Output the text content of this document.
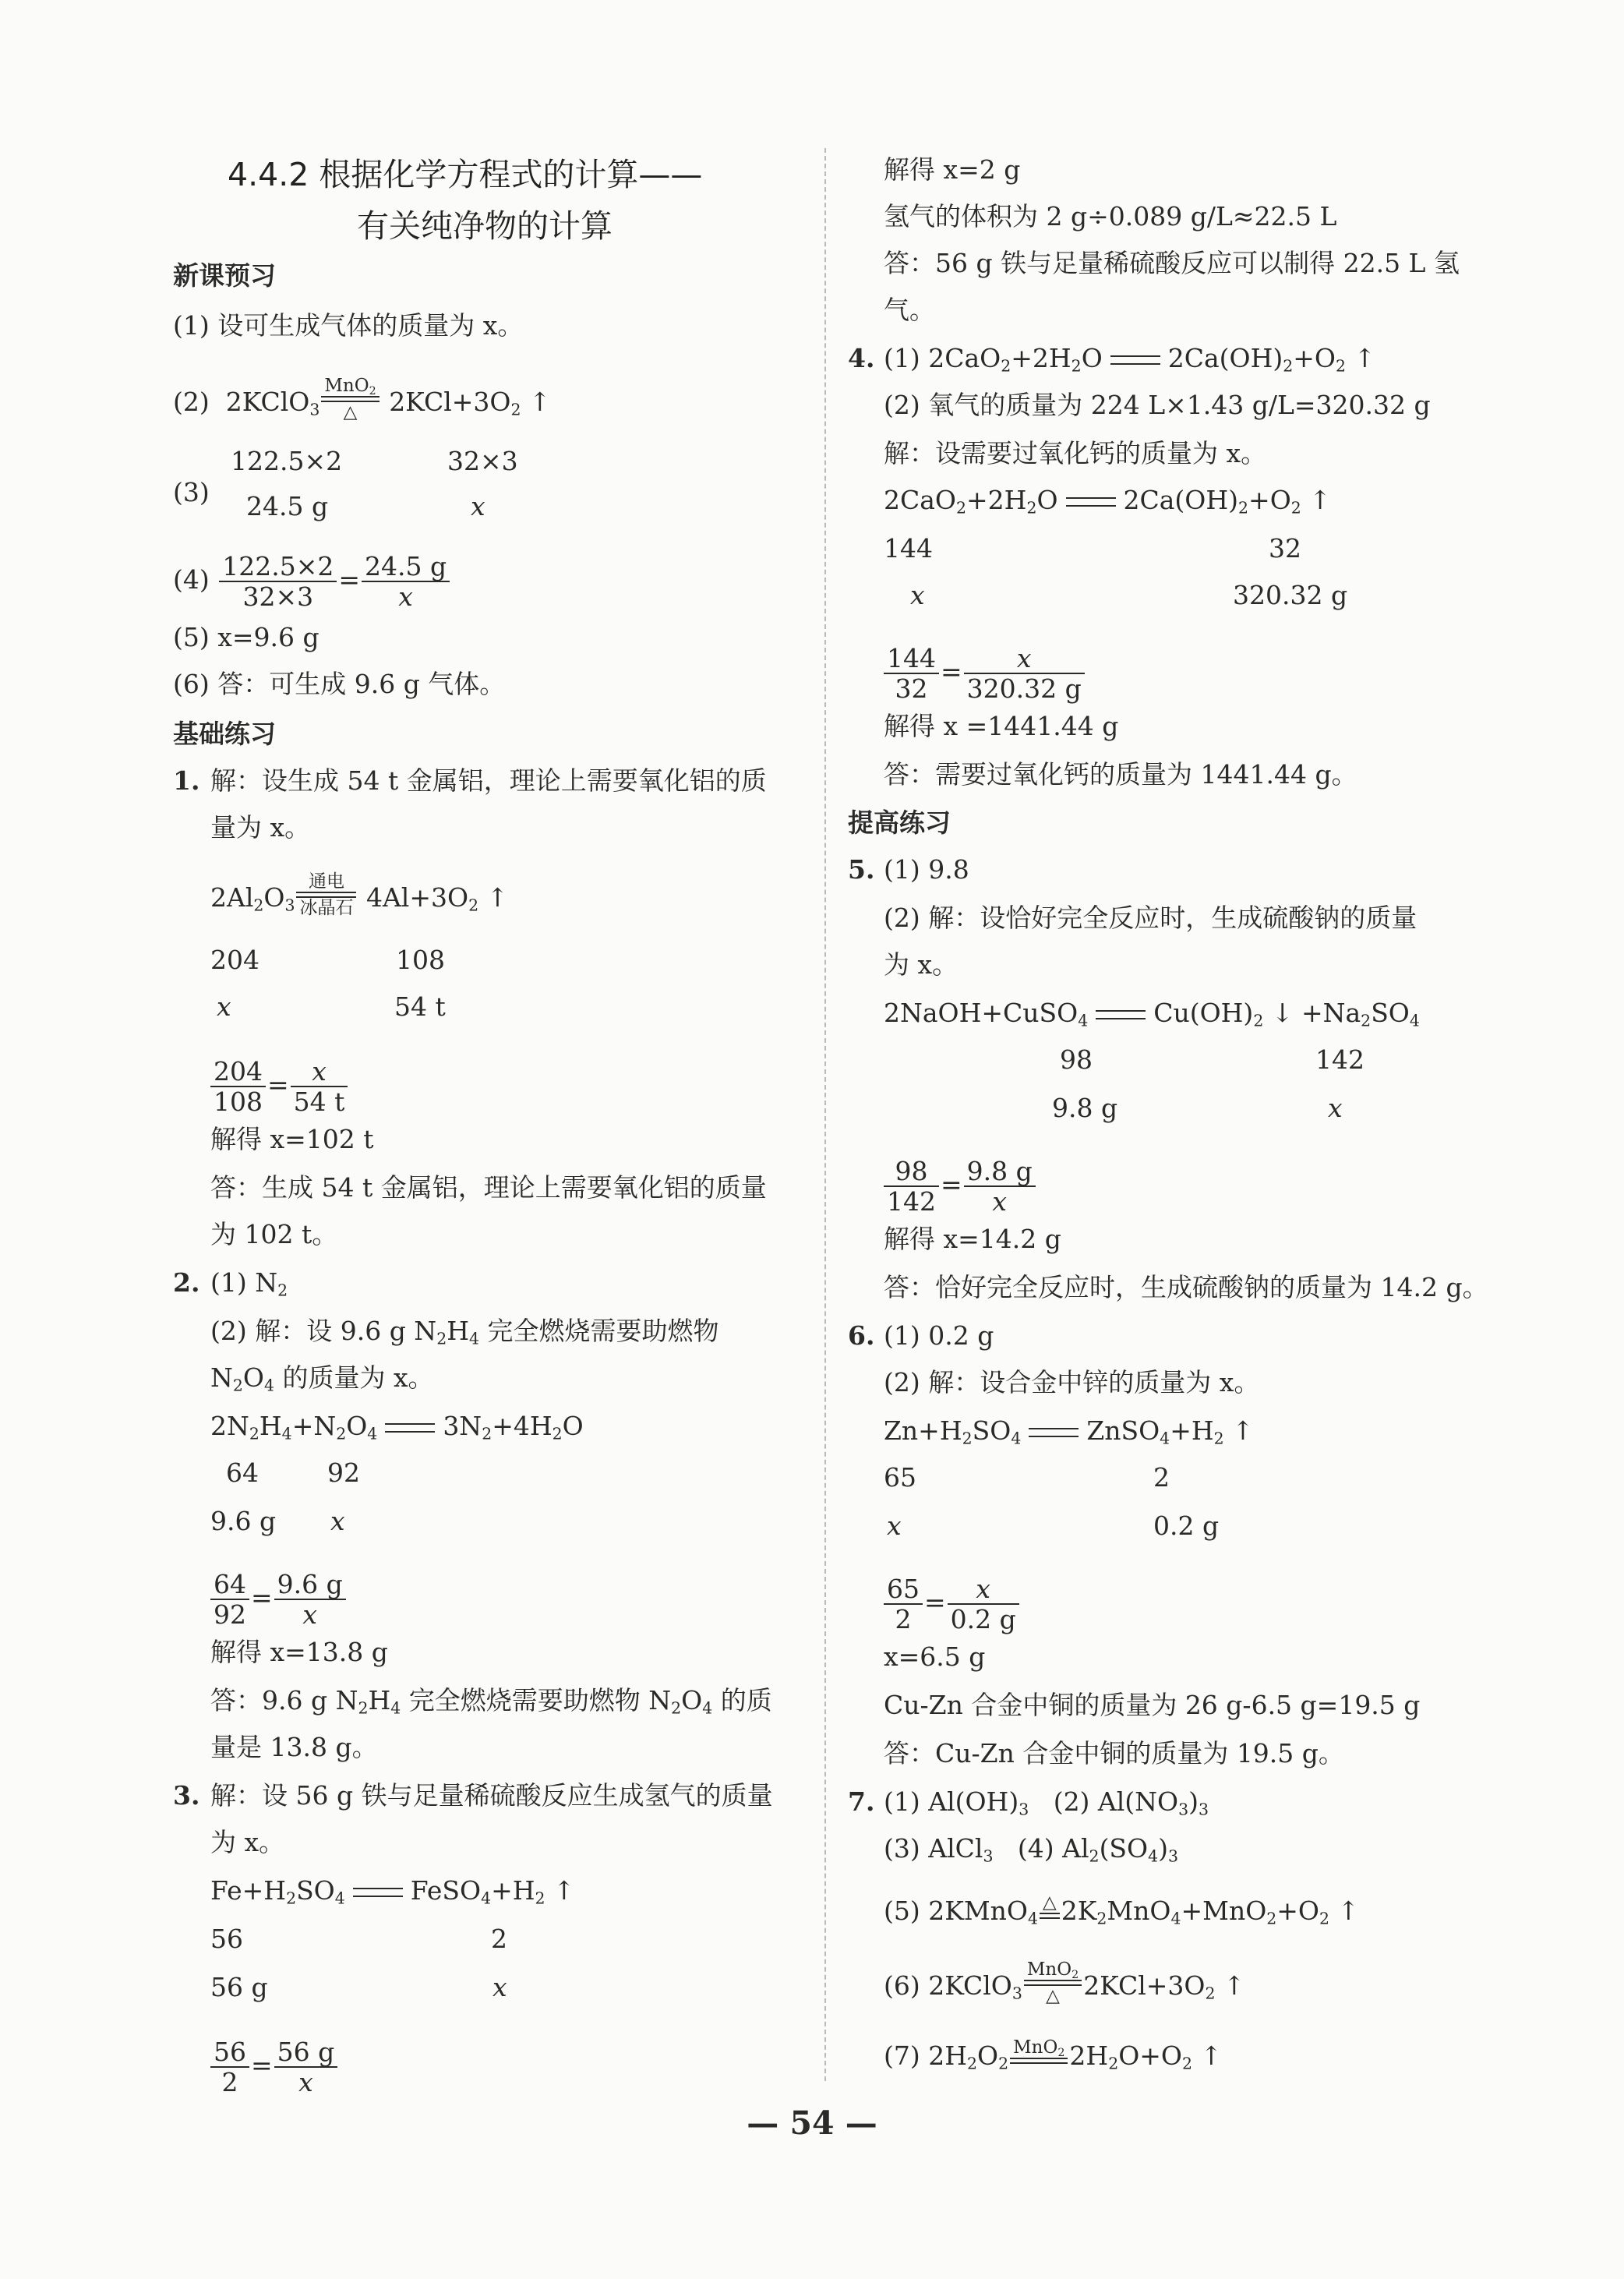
4.4.2 根据化学方程式的计算——
有关纯净物的计算
新课预习
(1) 设可生成气体的质量为 x。
(2) 2KClO$_3$
MnO$_2$
△	$2KCl+3O_2$ ↑
(3)
122.5×2	32×3
24.5 g	x
$(4) \frac{122.5\times 2}{32\times 3} = \frac{24.5 g}{x}$
(5) x=9.6 g
(6) 答：可生成 9.6 g 气体。
基础练习
1. 解：设生成 54 t 金属铝，理论上需要氧化铝的质
量为 x。
$2Al_2O_3$
通电
冰晶石 $4Al+3O_2$ ↑
204	108
x	54 t
$\frac{204}{108} = \frac{x}{54 t}$
解得 x=102 t
答：生成 54 t 金属铝，理论上需要氧化铝的质量
为 102 t。
2. (1) $N_2$
(2) 解：设 9.6 g $N_2H_4$ 完全燃烧需要助燃物
$N_2O_4$ 的质量为 x。
$2N_2H_4+N_2O_4$	$3N_2+4H_2O$
64	92
9.6 g x
$\frac{64}{92} = \frac{9.6 g}{x}$
解得 x=13.8 g
答：9.6 g $N_2H_4$ 完全燃烧需要助燃物 $N_2O_4$ 的质
量是 13.8 g。
3. 解：设 56 g 铁与足量稀硫酸反应生成氢气的质量
为 x。
$Fe+H_2SO_4$	$FeSO_4+H_2$ ↑
56	2
56 g	x
$\frac{56}{2} = \frac{56 g}{x}$
解得 x=2 g
氢气的体积为 2 g÷0.089 g/L≈22.5 L
答：56 g 铁与足量稀硫酸反应可以制得 22.5 L 氢
气。
4. (1) $2CaO_2+2H_2O$	$2Ca(OH)_2+O_2$ ↑
(2) 氧气的质量为 224 L×1.43 g/L=320.32 g
解：设需要过氧化钙的质量为 x。
$2CaO_2+2H_2O$	$2Ca(OH)_2+O_2$ ↑
144	32
x	320.32 g
$\frac{144}{32} = \frac{x}{320.32 g}$
解得 x =1441.44 g
答：需要过氧化钙的质量为 1441.44 g。
提高练习
5. (1) 9.8
(2) 解：设恰好完全反应时，生成硫酸钠的质量
为 x。
2NaOH+CuSO$_4$	$Cu(OH)_2$ ↓ $+Na_2SO_4$
98	142
9.8 g	x
$\frac{98}{142} = \frac{9.8 g}{x}$
解得 x=14.2 g
答：恰好完全反应时，生成硫酸钠的质量为 14.2 g。
6. (1) 0.2 g
(2) 解：设合金中锌的质量为 x。
$Zn+H_2SO_4$	$ZnSO_4+H_2$ ↑
65	2
x	0.2 g
$\frac{65}{2} = \frac{x}{0.2 g}$
x=6.5 g
Cu-Zn 合金中铜的质量为 26 g-6.5 g=19.5 g
答：Cu-Zn 合金中铜的质量为 19.5 g。
7. (1) $Al(OH)_3$   (2) $Al(NO_3)_3$
(3) AlCl$_3$   (4) $Al_2(SO_4)_3$
(5) 2KMnO$_4$
△ $2K_2MnO_4+MnO_2+O_2$ ↑
(6) 2KClO$_3$
MnO$_2$
△ $2KCl+3O_2$ ↑
(7) $2H_2O_2$
MnO$_2$ $2H_2O+O_2$ ↑
— 54 —
